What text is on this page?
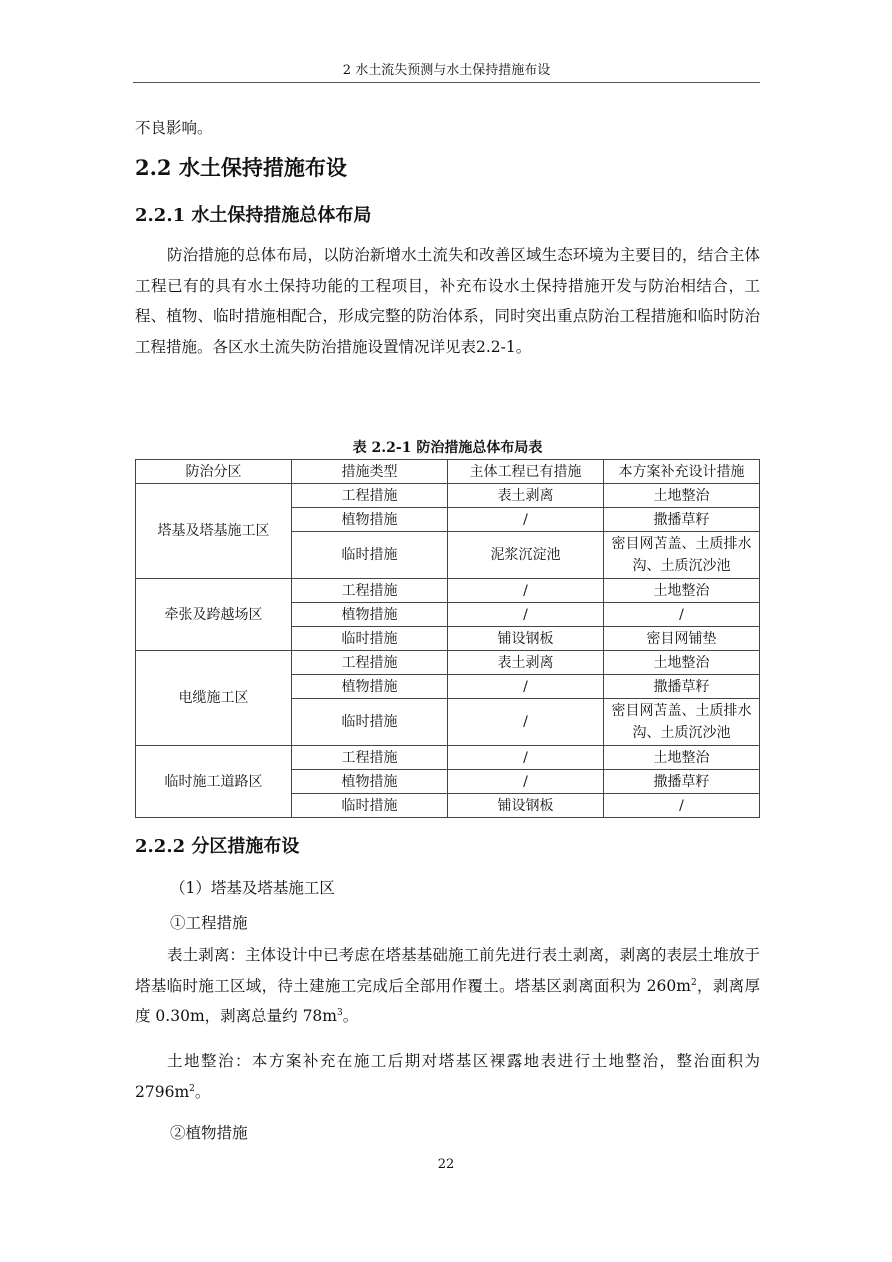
2 水土流失预测与水土保持措施布设

不良影响。

2.2 水土保持措施布设
2.2.1 水土保持措施总体布局

防治措施的总体布局，以防治新增水土流失和改善区域生态环境为主要目的，结合主体工程已有的具有水土保持功能的工程项目，补充布设水土保持措施开发与防治相结合，工程、植物、临时措施相配合，形成完整的防治体系，同时突出重点防治工程措施和临时防治工程措施。各区水土流失防治措施设置情况详见表2.2-1。

表 2.2-1 防治措施总体布局表
防治分区	措施类型	主体工程已有措施	本方案补充设计措施
塔基及塔基施工区	工程措施	表土剥离	土地整治
	植物措施	/	撒播草籽
	临时措施	泥浆沉淀池	密目网苫盖、土质排水沟、土质沉沙池
牵张及跨越场区	工程措施	/	土地整治
	植物措施	/	/
	临时措施	铺设钢板	密目网铺垫
电缆施工区	工程措施	表土剥离	土地整治
	植物措施	/	撒播草籽
	临时措施	/	密目网苫盖、土质排水沟、土质沉沙池
临时施工道路区	工程措施	/	土地整治
	植物措施	/	撒播草籽
	临时措施	铺设钢板	/
2.2.2 分区措施布设

（1）塔基及塔基施工区

①工程措施

表土剥离：主体设计中已考虑在塔基基础施工前先进行表土剥离，剥离的表层土堆放于塔基临时施工区域，待土建施工完成后全部用作覆土。塔基区剥离面积为 $260m^2$，剥离厚度 0.30m，剥离总量约 $78m^3$。

土地整治：本方案补充在施工后期对塔基区裸露地表进行土地整治，整治面积为 $2796m^2$。

②植物措施

22
